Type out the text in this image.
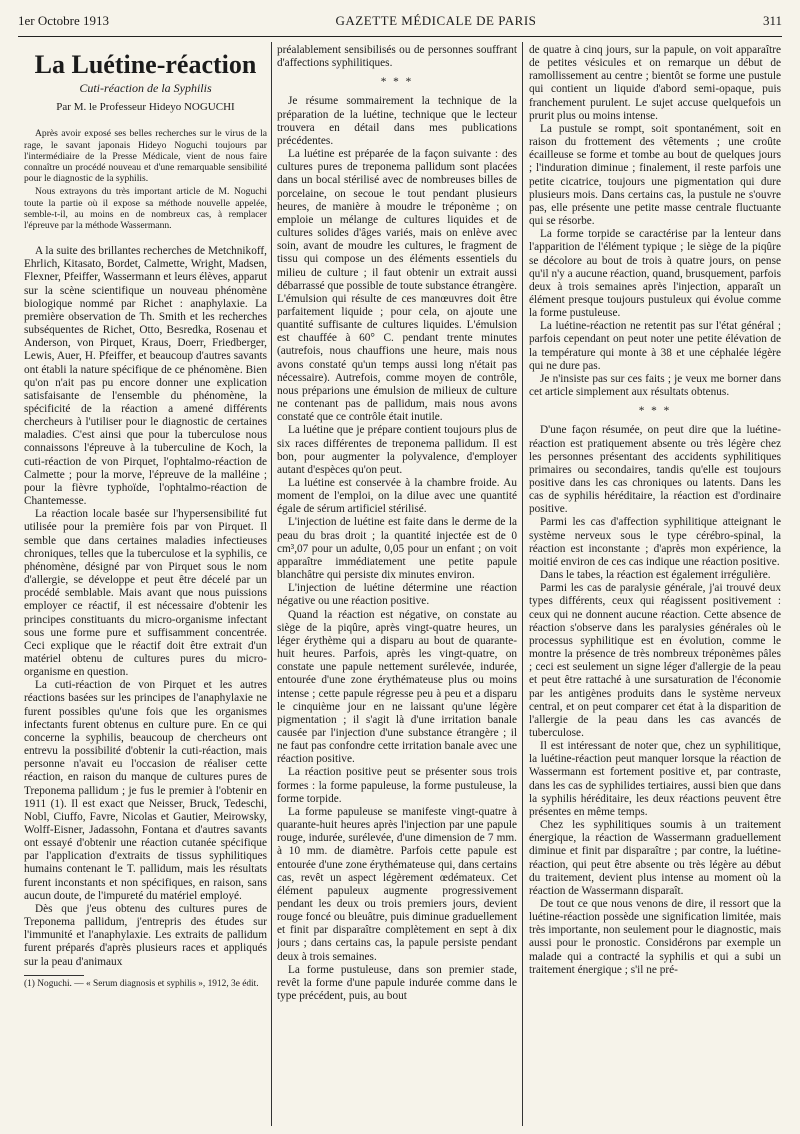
1er Octobre 1913	GAZETTE MÉDICALE DE PARIS	311

La Luétine-réaction

Cuti-réaction de la Syphilis

Par M. le Professeur Hideyo NOGUCHI

Après avoir exposé ses belles recherches sur le virus de la rage, le savant japonais Hideyo Noguchi toujours par l'intermédiaire de la Presse Médicale, vient de nous faire connaître un procédé nouveau et d'une remarquable sensibilité pour le diagnostic de la syphilis.

Nous extrayons du très important article de M. Noguchi toute la partie où il expose sa méthode nouvelle appelée, semble-t-il, au moins en de nombreux cas, à remplacer l'épreuve par la méthode Wassermann.

A la suite des brillantes recherches de Metchnikoff, Ehrlich, Kitasato, Bordet, Calmette, Wright, Madsen, Flexner, Pfeiffer, Wassermann et leurs élèves, apparut sur la scène scientifique un nouveau phénomène biologique nommé par Richet : anaphylaxie. La première observation de Th. Smith et les recherches subséquentes de Richet, Otto, Besredka, Rosenau et Anderson, von Pirquet, Kraus, Doerr, Friedberger, Lewis, Auer, H. Pfeiffer, et beaucoup d'autres savants ont établi la nature spécifique de ce phénomène. Bien qu'on n'ait pas pu encore donner une explication satisfaisante de l'ensemble du phénomène, la spécificité de la réaction a amené différents chercheurs à l'utiliser pour le diagnostic de certaines maladies. C'est ainsi que pour la tuberculose nous connaissons l'épreuve à la tuberculine de Koch, la cuti-réaction de von Pirquet, l'ophtalmo-réaction de Calmette ; pour la morve, l'épreuve de la malléine ; pour la fièvre typhoïde, l'ophtalmo-réaction de Chantemesse.

La réaction locale basée sur l'hypersensibilité fut utilisée pour la première fois par von Pirquet. Il semble que dans certaines maladies infectieuses chroniques, telles que la tuberculose et la syphilis, ce phénomène, désigné par von Pirquet sous le nom d'allergie, se développe et peut être décelé par un procédé semblable. Mais avant que nous puissions employer ce réactif, il est nécessaire d'obtenir les principes constituants du micro-organisme infectant sous une forme pure et suffisamment concentrée. Ceci explique que le réactif doit être extrait d'un matériel obtenu de cultures pures du micro-organisme en question.

La cuti-réaction de von Pirquet et les autres réactions basées sur les principes de l'anaphylaxie ne furent possibles qu'une fois que les organismes infectants furent obtenus en culture pure. En ce qui concerne la syphilis, beaucoup de chercheurs ont entrevu la possibilité d'obtenir la cuti-réaction, mais personne n'avait eu l'occasion de réaliser cette réaction, en raison du manque de cultures pures de Treponema pallidum ; je fus le premier à l'obtenir en 1911 (1). Il est exact que Neisser, Bruck, Tedeschi, Nobl, Ciuffo, Favre, Nicolas et Gautier, Meirowsky, Wolff-Eisner, Jadassohn, Fontana et d'autres savants ont essayé d'obtenir une réaction cutanée spécifique par l'application d'extraits de tissus syphilitiques humains contenant le T. pallidum, mais les résultats furent inconstants et non spécifiques, en raison, sans aucun doute, de l'impureté du matériel employé.

Dès que j'eus obtenu des cultures pures de Treponema pallidum, j'entrepris des études sur l'immunité et l'anaphylaxie. Les extraits de pallidum furent préparés d'après plusieurs races et appliqués sur la peau d'animaux

(1) Noguchi. — « Serum diagnosis et syphilis », 1912, 3e édit.

préalablement sensibilisés ou de personnes souffrant d'affections syphilitiques.

* * *

Je résume sommairement la technique de la préparation de la luétine, technique que le lecteur trouvera en détail dans mes publications précédentes.

La luétine est préparée de la façon suivante : des cultures pures de treponema pallidum sont placées dans un bocal stérilisé avec de nombreuses billes de porcelaine, on secoue le tout pendant plusieurs heures, de manière à moudre le tréponème ; on emploie un mélange de cultures liquides et de cultures solides d'âges variés, mais on enlève avec soin, avant de moudre les cultures, le fragment de tissu qui compose un des éléments essentiels du milieu de culture ; il faut obtenir un extrait aussi débarrassé que possible de toute substance étrangère. L'émulsion qui résulte de ces manœuvres doit être parfaitement liquide ; pour cela, on ajoute une quantité suffisante de cultures liquides. L'émulsion est chauffée à 60° C. pendant trente minutes (autrefois, nous chauffions une heure, mais nous avons constaté qu'un temps aussi long n'était pas nécessaire). Autrefois, comme moyen de contrôle, nous préparions une émulsion de milieux de culture ne contenant pas de pallidum, mais nous avons constaté que ce contrôle était inutile.

La luétine que je prépare contient toujours plus de six races différentes de treponema pallidum. Il est bon, pour augmenter la polyvalence, d'employer autant d'espèces qu'on peut.

La luétine est conservée à la chambre froide. Au moment de l'emploi, on la dilue avec une quantité égale de sérum artificiel stérilisé.

L'injection de luétine est faite dans le derme de la peau du bras droit ; la quantité injectée est de 0 cm³,07 pour un adulte, 0,05 pour un enfant ; on voit apparaître immédiatement une petite papule blanchâtre qui persiste dix minutes environ.

L'injection de luétine détermine une réaction négative ou une réaction positive.

Quand la réaction est négative, on constate au siège de la piqûre, après vingt-quatre heures, un léger érythème qui a disparu au bout de quarante-huit heures. Parfois, après les vingt-quatre, on constate une papule nettement surélevée, indurée, entourée d'une zone érythémateuse plus ou moins intense ; cette papule régresse peu à peu et a disparu le cinquième jour en ne laissant qu'une légère pigmentation ; il s'agit là d'une irritation banale causée par l'injection d'une substance étrangère ; il ne faut pas confondre cette irritation banale avec une réaction positive.

La réaction positive peut se présenter sous trois formes : la forme papuleuse, la forme pustuleuse, la forme torpide.

La forme papuleuse se manifeste vingt-quatre à quarante-huit heures après l'injection par une papule rouge, indurée, surélevée, d'une dimension de 7 mm. à 10 mm. de diamètre. Parfois cette papule est entourée d'une zone érythémateuse qui, dans certains cas, revêt un aspect légèrement œdémateux. Cet élément papuleux augmente progressivement pendant les deux ou trois premiers jours, devient rouge foncé ou bleuâtre, puis diminue graduellement et finit par disparaître complètement en sept à dix jours ; dans certains cas, la papule persiste pendant deux à trois semaines.

La forme pustuleuse, dans son premier stade, revêt la forme d'une papule indurée comme dans le type précédent, puis, au bout

de quatre à cinq jours, sur la papule, on voit apparaître de petites vésicules et on remarque un début de ramollissement au centre ; bientôt se forme une pustule qui contient un liquide d'abord semi-opaque, puis franchement purulent. Le sujet accuse quelquefois un prurit plus ou moins intense.

La pustule se rompt, soit spontanément, soit en raison du frottement des vêtements ; une croûte écailleuse se forme et tombe au bout de quelques jours ; l'induration diminue ; finalement, il reste parfois une petite cicatrice, toujours une pigmentation qui dure plusieurs mois. Dans certains cas, la pustule ne s'ouvre pas, elle présente une petite masse centrale fluctuante qui se résorbe.

La forme torpide se caractérise par la lenteur dans l'apparition de l'élément typique ; le siège de la piqûre se décolore au bout de trois à quatre jours, on pense qu'il n'y a aucune réaction, quand, brusquement, parfois deux à trois semaines après l'injection, apparaît un élément presque toujours pustuleux qui évolue comme la forme pustuleuse.

La luétine-réaction ne retentit pas sur l'état général ; parfois cependant on peut noter une petite élévation de la température qui monte à 38 et une céphalée légère qui ne dure pas.

Je n'insiste pas sur ces faits ; je veux me borner dans cet article simplement aux résultats obtenus.

* * *

D'une façon résumée, on peut dire que la luétine-réaction est pratiquement absente ou très légère chez les personnes présentant des accidents syphilitiques primaires ou secondaires, tandis qu'elle est toujours positive dans les cas chroniques ou latents. Dans les cas de syphilis héréditaire, la réaction est d'ordinaire positive.

Parmi les cas d'affection syphilitique atteignant le système nerveux sous le type cérébro-spinal, la réaction est inconstante ; d'après mon expérience, la moitié environ de ces cas indique une réaction positive.

Dans le tabes, la réaction est également irrégulière.

Parmi les cas de paralysie générale, j'ai trouvé deux types différents, ceux qui réagissent positivement : ceux qui ne donnent aucune réaction. Cette absence de réaction s'observe dans les paralysies générales où le processus syphilitique est en évolution, comme le montre la présence de très nombreux tréponèmes pâles ; ceci est seulement un signe léger d'allergie de la peau et peut être rattaché à une sursaturation de l'économie par les antigènes produits dans le système nerveux central, et on peut comparer cet état à la disparition de l'allergie de la peau dans les cas avancés de tuberculose.

Il est intéressant de noter que, chez un syphilitique, la luétine-réaction peut manquer lorsque la réaction de Wassermann est fortement positive et, par contraste, dans les cas de syphilides tertiaires, aussi bien que dans la syphilis héréditaire, les deux réactions peuvent être présentes en même temps.

Chez les syphilitiques soumis à un traitement énergique, la réaction de Wassermann graduellement diminue et finit par disparaître ; par contre, la luétine-réaction, qui peut être absente ou très légère au début du traitement, devient plus intense au moment où la réaction de Wassermann disparaît.

De tout ce que nous venons de dire, il ressort que la luétine-réaction possède une signification limitée, mais très importante, non seulement pour le diagnostic, mais aussi pour le pronostic. Considérons par exemple un malade qui a contracté la syphilis et qui a subi un traitement énergique ; s'il ne pré-
